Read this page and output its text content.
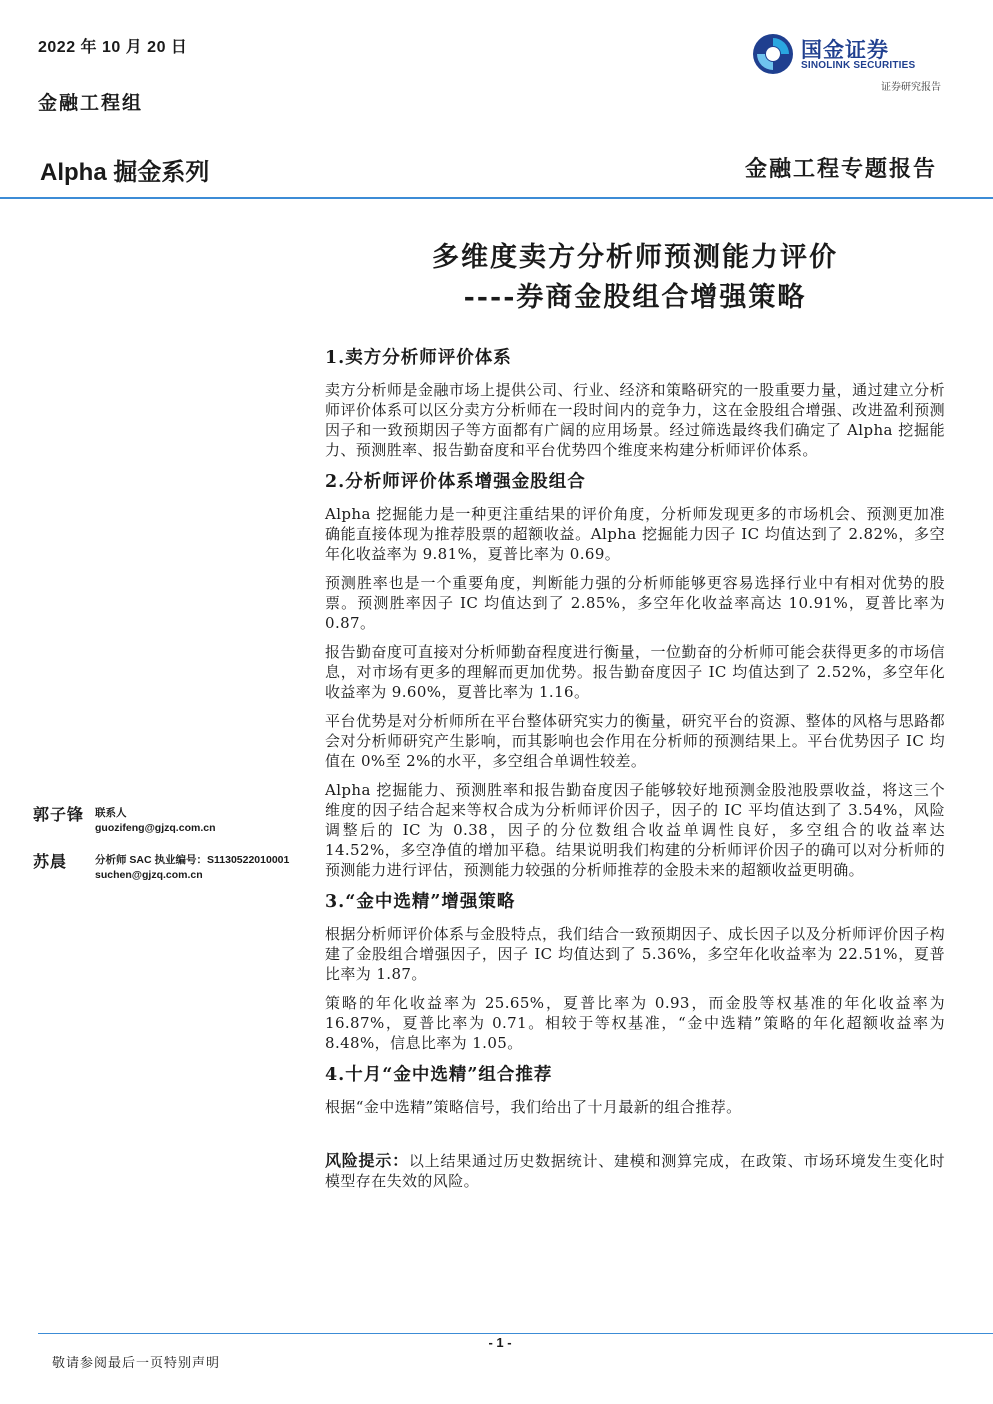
2022 年 10 月 20 日
金融工程组
国金证券
SINOLINK SECURITIES
证券研究报告
Alpha 掘金系列	金融工程专题报告
多维度卖方分析师预测能力评价
----券商金股组合增强策略
1.卖方分析师评价体系

卖方分析师是金融市场上提供公司、行业、经济和策略研究的一股重要力量，通过建立分析师评价体系可以区分卖方分析师在一段时间内的竞争力，这在金股组合增强、改进盈利预测因子和一致预期因子等方面都有广阔的应用场景。经过筛选最终我们确定了 Alpha 挖掘能力、预测胜率、报告勤奋度和平台优势四个维度来构建分析师评价体系。

2.分析师评价体系增强金股组合

Alpha 挖掘能力是一种更注重结果的评价角度，分析师发现更多的市场机会、预测更加准确能直接体现为推荐股票的超额收益。Alpha 挖掘能力因子 IC 均值达到了 2.82%，多空年化收益率为 9.81%，夏普比率为 0.69。

预测胜率也是一个重要角度，判断能力强的分析师能够更容易选择行业中有相对优势的股票。预测胜率因子 IC 均值达到了 2.85%，多空年化收益率高达 10.91%，夏普比率为 0.87。

报告勤奋度可直接对分析师勤奋程度进行衡量，一位勤奋的分析师可能会获得更多的市场信息，对市场有更多的理解而更加优势。报告勤奋度因子 IC 均值达到了 2.52%，多空年化收益率为 9.60%，夏普比率为 1.16。

平台优势是对分析师所在平台整体研究实力的衡量，研究平台的资源、整体的风格与思路都会对分析师研究产生影响，而其影响也会作用在分析师的预测结果上。平台优势因子 IC 均值在 0%至 2%的水平，多空组合单调性较差。

Alpha 挖掘能力、预测胜率和报告勤奋度因子能够较好地预测金股池股票收益，将这三个维度的因子结合起来等权合成为分析师评价因子，因子的 IC 平均值达到了 3.54%，风险调整后的 IC 为 0.38，因子的分位数组合收益单调性良好，多空组合的收益率达 14.52%，多空净值的增加平稳。结果说明我们构建的分析师评价因子的确可以对分析师的预测能力进行评估，预测能力较强的分析师推荐的金股未来的超额收益更明确。

3.“金中选精”增强策略

根据分析师评价体系与金股特点，我们结合一致预期因子、成长因子以及分析师评价因子构建了金股组合增强因子，因子 IC 均值达到了 5.36%，多空年化收益率为 22.51%，夏普比率为 1.87。

策略的年化收益率为 25.65%，夏普比率为 0.93，而金股等权基准的年化收益率为 16.87%，夏普比率为 0.71。相较于等权基准，“金中选精”策略的年化超额收益率为 8.48%，信息比率为 1.05。

4.十月“金中选精”组合推荐

根据“金中选精”策略信号，我们给出了十月最新的组合推荐。

风险提示：以上结果通过历史数据统计、建模和测算完成，在政策、市场环境发生变化时模型存在失效的风险。

郭子锋 联系人
guozifeng@gjzq.com.cn
苏晨	分析师 SAC 执业编号：S1130522010001
suchen@gjzq.com.cn
- 1 -
敬请参阅最后一页特别声明
